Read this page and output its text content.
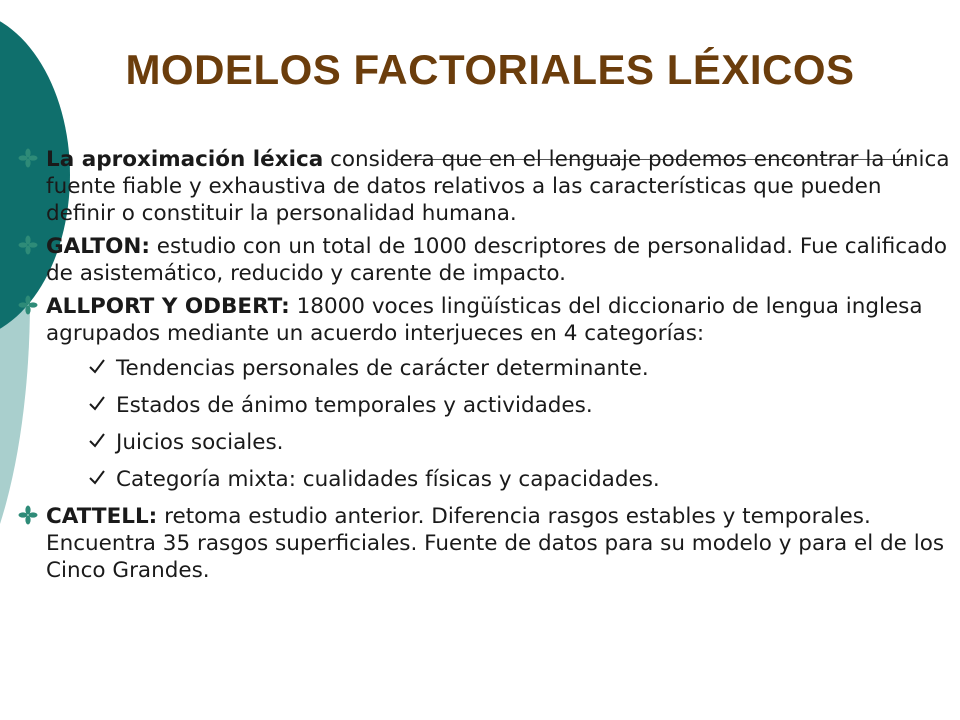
MODELOS FACTORIALES LÉXICOS
La aproximación léxica considera que en el lenguaje podemos encontrar la única fuente fiable y exhaustiva de datos relativos a las características que pueden definir o constituir la personalidad humana.
GALTON: estudio con un total de 1000 descriptores de personalidad. Fue calificado de asistemático, reducido y carente de impacto.
ALLPORT Y ODBERT: 18000 voces lingüísticas del diccionario de lengua inglesa agrupados mediante un acuerdo interjueces en 4 categorías:
Tendencias personales de carácter determinante.
Estados de ánimo temporales y actividades.
Juicios sociales.
Categoría mixta: cualidades físicas y capacidades.
CATTELL: retoma estudio anterior. Diferencia rasgos estables y temporales. Encuentra 35 rasgos superficiales. Fuente de datos para su modelo y para el de los Cinco Grandes.
